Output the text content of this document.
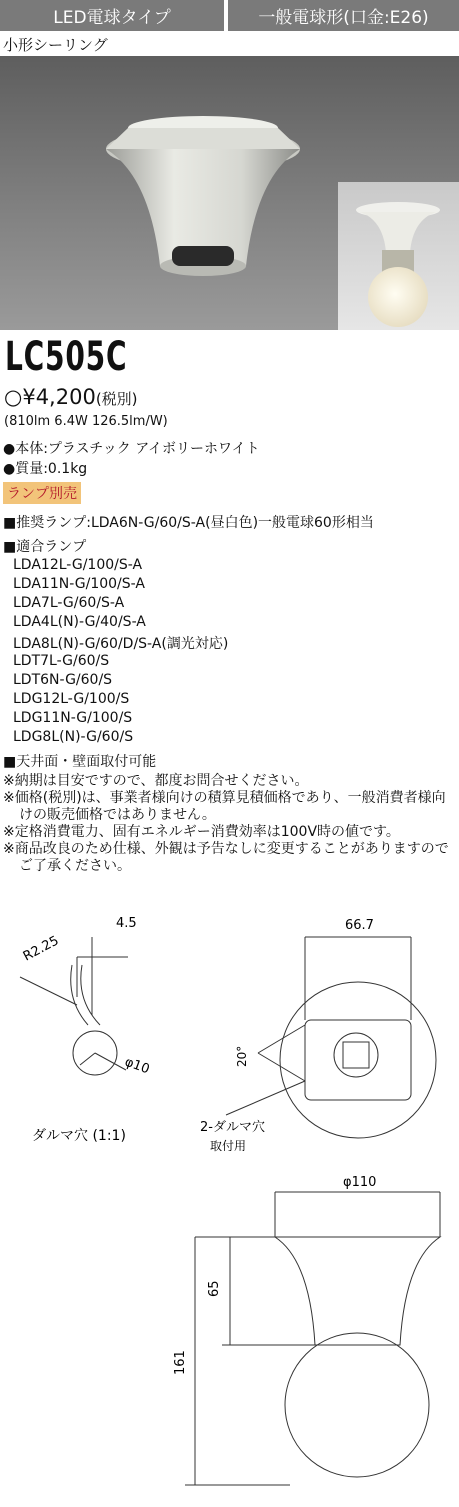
LED電球タイプ	一般電球形(口金:E26)
小形シーリング
LC505C
○¥4,200(税別)
(810lm 6.4W 126.5lm/W)
●本体:プラスチック アイボリーホワイト
●質量:0.1kg
ランプ別売
■推奨ランプ:LDA6N-G/60/S-A(昼白色)一般電球60形相当
■適合ランプ
LDA12L-G/100/S-A
LDA11N-G/100/S-A
LDA7L-G/60/S-A
LDA4L(N)-G/40/S-A
LDA8L(N)-G/60/D/S-A(調光対応)
LDT7L-G/60/S
LDT6N-G/60/S
LDG12L-G/100/S
LDG11N-G/100/S
LDG8L(N)-G/60/S
■天井面・壁面取付可能
※納期は目安ですので、都度お問合せください。
※価格(税別)は、事業者様向けの積算見積価格であり、一般消費者様向けの販売価格ではありません。
※定格消費電力、固有エネルギー消費効率は100V時の値です。
※商品改良のため仕様、外観は予告なしに変更することがありますのでご了承ください。
4.5
R2.25
φ10
ダルマ穴 (1:1)
66.7
20°
2-ダルマ穴
取付用
φ110
65
161
